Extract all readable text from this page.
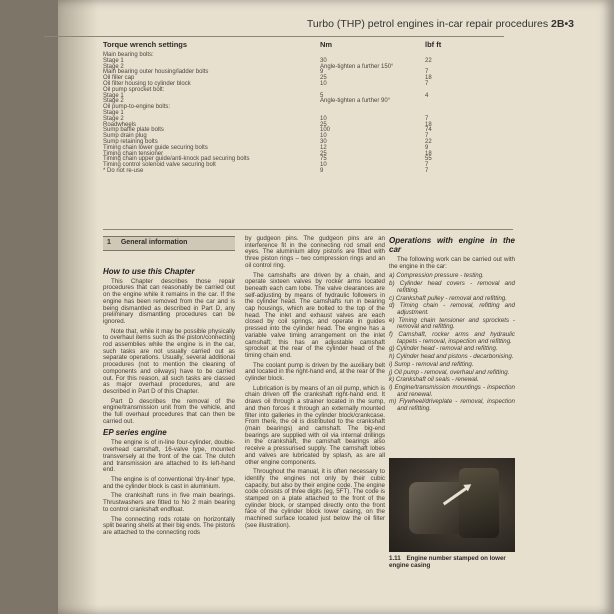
Turbo (THP) petrol engines in-car repair procedures 2B•3
Torque wrench settings	Nm	lbf ft
Main bearing bolts:
Stage 1	30	22
Stage 2	Angle-tighten a further 150°
Main bearing outer housing/ladder bolts	9	7
Oil filler cap	25	18
Oil filter housing to cylinder block	10	7
Oil pump sprocket bolt:
Stage 1	5	4
Stage 2	Angle-tighten a further 90°
Oil pump-to-engine bolts:
Stage 1
Stage 2	10	7
Roadwheels	25	18
Sump baffle plate bolts	100	74
Sump drain plug	10	7
Sump retaining bolts	30	22
Timing chain lower guide securing bolts	12	9
Timing chain tensioner	25	18
Timing chain upper guide/anti-knock pad securing bolts	75	55
Timing control solenoid valve securing bolt	10	7
* Do not re-use	9	7
1 General information
How to use this Chapter

This Chapter describes those repair procedures that can reasonably be carried out on the engine while it remains in the car. If the engine has been removed from the car and is being dismantled as described in Part D, any preliminary dismantling procedures can be ignored.

Note that, while it may be possible physically to overhaul items such as the piston/connecting rod assemblies while the engine is in the car, such tasks are not usually carried out as separate operations. Usually, several additional procedures (not to mention the cleaning of components and oilways) have to be carried out. For this reason, all such tasks are classed as major overhaul procedures, and are described in Part D of this Chapter.

Part D describes the removal of the engine/transmission unit from the vehicle, and the full overhaul procedures that can then be carried out.

EP series engine

The engine is of in-line four-cylinder, double-overhead camshaft, 16-valve type, mounted transversely at the front of the car. The clutch and transmission are attached to its left-hand end.

The engine is of conventional 'dry-liner' type, and the cylinder block is cast in aluminium.

The crankshaft runs in five main bearings. Thrustwashers are fitted to No 2 main bearing to control crankshaft endfloat.

The connecting rods rotate on horizontally split bearing shells at their big ends. The pistons are attached to the connecting rods

by gudgeon pins. The gudgeon pins are an interference fit in the connecting rod small end eyes. The aluminium alloy pistons are fitted with three piston rings – two compression rings and an oil control ring.

The camshafts are driven by a chain, and operate sixteen valves by rocker arms located beneath each cam lobe. The valve clearances are self-adjusting by means of hydraulic followers in the cylinder head. The camshafts run in bearing cap housings, which are bolted to the top of the head. The inlet and exhaust valves are each closed by coil springs, and operate in guides pressed into the cylinder head. The engine has a variable valve timing arrangement on the inlet camshaft; this has an adjustable camshaft sprocket at the rear of the cylinder head of the timing chain end.

The coolant pump is driven by the auxiliary belt and located in the right-hand end, at the rear of the cylinder block.

Lubrication is by means of an oil pump, which is chain driven off the crankshaft right-hand end. It draws oil through a strainer located in the sump, and then forces it through an externally mounted filter into galleries in the cylinder block/crankcase. From there, the oil is distributed to the crankshaft (main bearings) and camshaft. The big-end bearings are supplied with oil via internal drillings in the crankshaft, the camshaft bearings also receive a pressurised supply. The camshaft lobes and valves are lubricated by splash, as are all other engine components.

Throughout the manual, it is often necessary to identify the engines not only by their cubic capacity, but also by their engine code. The engine code consists of three digits (eg, 5FT). The code is stamped on a plate attached to the front of the cylinder block, or stamped directly onto the front face of the cylinder block lower casing, on the machined surface located just below the oil filter (see illustration).

Operations with engine in the car

The following work can be carried out with the engine in the car:

a) Compression pressure - testing.
b) Cylinder head covers - removal and refitting.
c) Crankshaft pulley - removal and refitting.
d) Timing chain - removal, refitting and adjustment.
e) Timing chain tensioner and sprockets - removal and refitting.
f) Camshaft, rocker arms and hydraulic tappets - removal, inspection and refitting.
g) Cylinder head - removal and refitting.
h) Cylinder head and pistons - decarbonising.
i) Sump - removal and refitting.
j) Oil pump - removal, overhaul and refitting.
k) Crankshaft oil seals - renewal.
l) Engine/transmission mountings - inspection and renewal.
m) Flywheel/driveplate - removal, inspection and refitting.
1.11 Engine number stamped on lower engine casing
